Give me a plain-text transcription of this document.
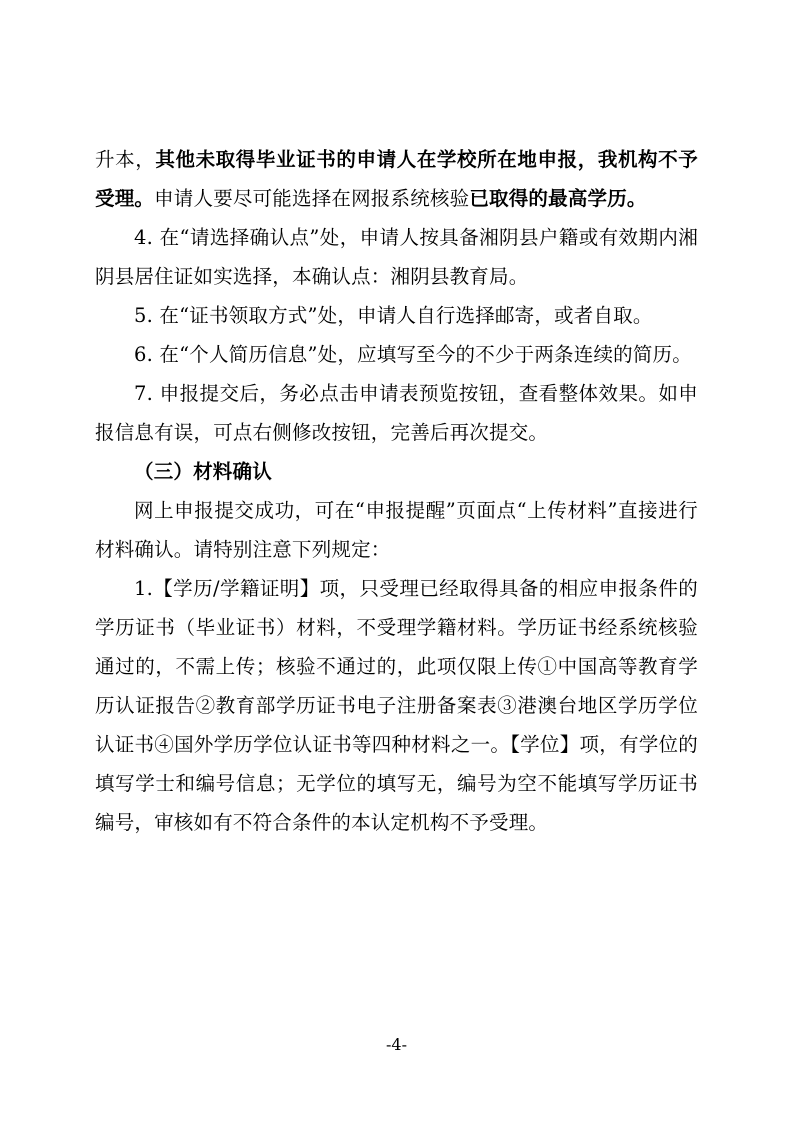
升本，其他未取得毕业证书的申请人在学校所在地申报，我机构不予受理。申请人要尽可能选择在网报系统核验已取得的最高学历。

4. 在“请选择确认点”处，申请人按具备湘阴县户籍或有效期内湘阴县居住证如实选择，本确认点：湘阴县教育局。

5. 在“证书领取方式”处，申请人自行选择邮寄，或者自取。

6. 在“个人简历信息”处，应填写至今的不少于两条连续的简历。

7. 申报提交后，务必点击申请表预览按钮，查看整体效果。如申报信息有误，可点右侧修改按钮，完善后再次提交。

（三）材料确认

网上申报提交成功，可在“申报提醒”页面点“上传材料”直接进行材料确认。请特别注意下列规定：

1.【学历/学籍证明】项，只受理已经取得具备的相应申报条件的学历证书（毕业证书）材料，不受理学籍材料。学历证书经系统核验通过的，不需上传；核验不通过的，此项仅限上传①中国高等教育学历认证报告②教育部学历证书电子注册备案表③港澳台地区学历学位认证书④国外学历学位认证书等四种材料之一。【学位】项，有学位的填写学士和编号信息；无学位的填写无，编号为空不能填写学历证书编号，审核如有不符合条件的本认定机构不予受理。

-4-
